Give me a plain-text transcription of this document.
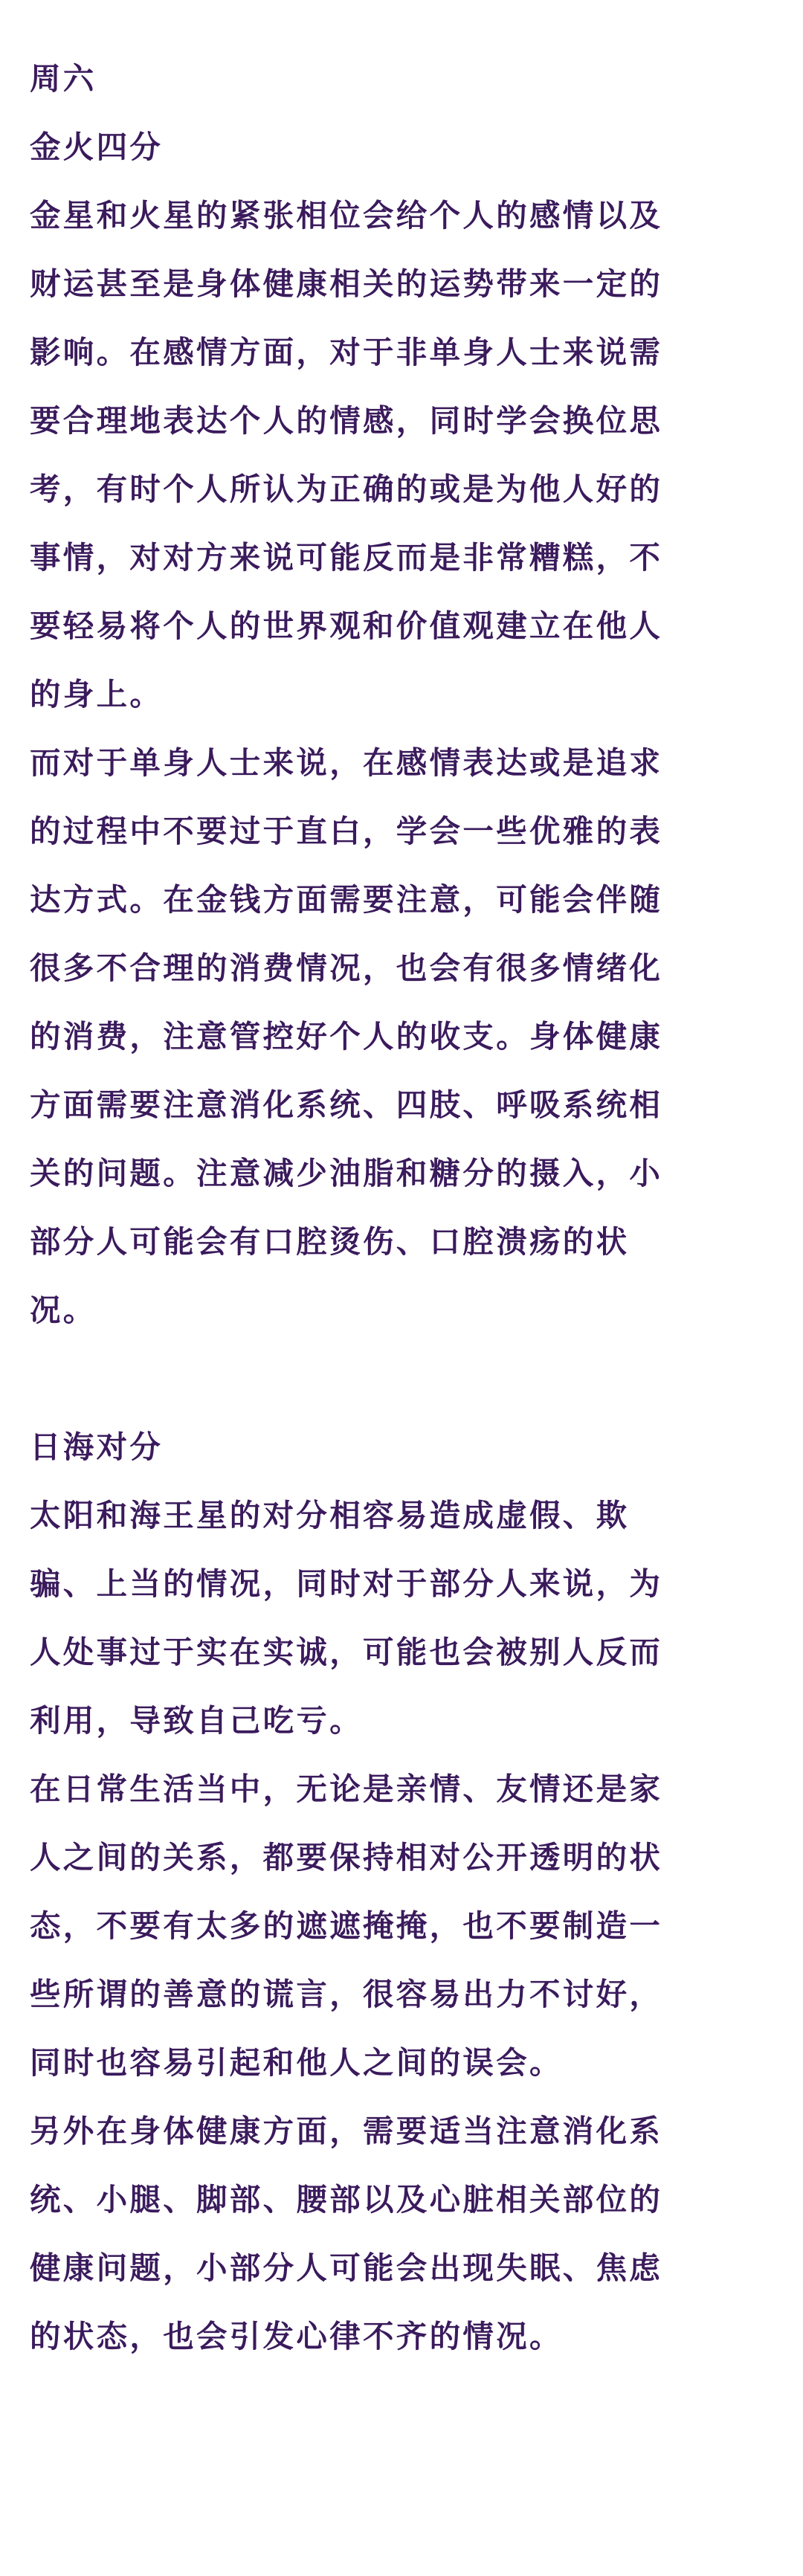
周六
金火四分
金星和火星的紧张相位会给个人的感情以及
财运甚至是身体健康相关的运势带来一定的
影响。在感情方面，对于非单身人士来说需
要合理地表达个人的情感，同时学会换位思
考，有时个人所认为正确的或是为他人好的
事情，对对方来说可能反而是非常糟糕，不
要轻易将个人的世界观和价值观建立在他人
的身上。
而对于单身人士来说，在感情表达或是追求
的过程中不要过于直白，学会一些优雅的表
达方式。在金钱方面需要注意，可能会伴随
很多不合理的消费情况，也会有很多情绪化
的消费，注意管控好个人的收支。身体健康
方面需要注意消化系统、四肢、呼吸系统相
关的问题。注意减少油脂和糖分的摄入，小
部分人可能会有口腔烫伤、口腔溃疡的状
况。
日海对分
太阳和海王星的对分相容易造成虚假、欺
骗、上当的情况，同时对于部分人来说，为
人处事过于实在实诚，可能也会被别人反而
利用，导致自己吃亏。
在日常生活当中，无论是亲情、友情还是家
人之间的关系，都要保持相对公开透明的状
态，不要有太多的遮遮掩掩，也不要制造一
些所谓的善意的谎言，很容易出力不讨好，
同时也容易引起和他人之间的误会。
另外在身体健康方面，需要适当注意消化系
统、小腿、脚部、腰部以及心脏相关部位的
健康问题，小部分人可能会出现失眠、焦虑
的状态，也会引发心律不齐的情况。
